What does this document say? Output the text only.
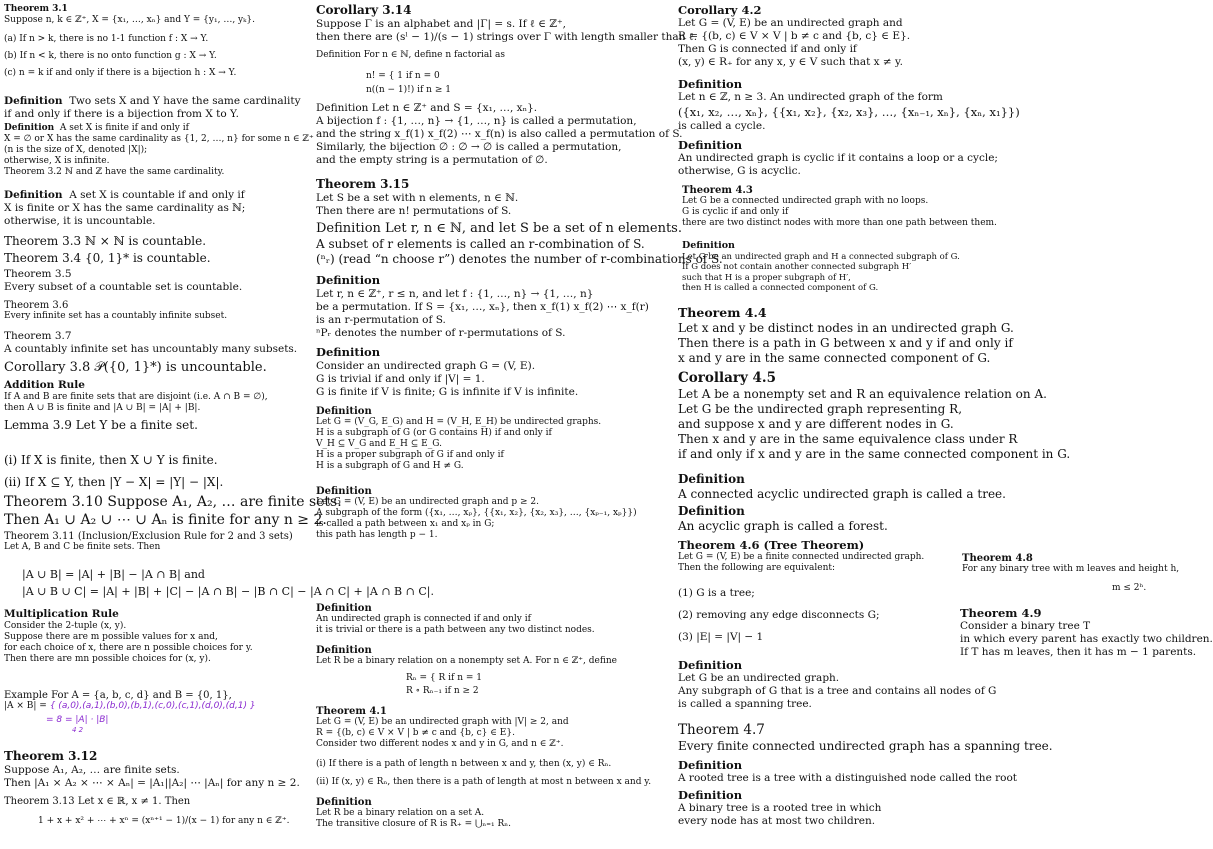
Theorem 3.1
Suppose n, k ∈ ℤ⁺, X = {x₁, …, xₙ} and Y = {y₁, …, yₖ}.
(a) If n > k, there is no 1-1 function f : X → Y.
(b) If n < k, there is no onto function g : X → Y.
(c) n = k if and only if there is a bijection h : X → Y.
Definition Two sets X and Y have the same cardinality
if and only if there is a bijection from X to Y.
Definition A set X is finite if and only if
X = ∅ or X has the same cardinality as {1, 2, …, n} for some n ∈ ℤ⁺
(n is the size of X, denoted |X|);
otherwise, X is infinite.
Theorem 3.2 ℕ and ℤ have the same cardinality.
Definition A set X is countable if and only if
X is finite or X has the same cardinality as ℕ;
otherwise, it is uncountable.
Theorem 3.3 ℕ × ℕ is countable.
Theorem 3.4 {0, 1}* is countable.
Theorem 3.5
Every subset of a countable set is countable.
Theorem 3.6
Every infinite set has a countably infinite subset.
Theorem 3.7
A countably infinite set has uncountably many subsets.
Corollary 3.8 𝒫({0, 1}*) is uncountable.
Addition Rule
If A and B are finite sets that are disjoint (i.e. A ∩ B = ∅),
then A ∪ B is finite and |A ∪ B| = |A| + |B|.
Lemma 3.9 Let Y be a finite set.
(i) If X is finite, then X ∪ Y is finite.
(ii) If X ⊆ Y, then |Y − X| = |Y| − |X|.
Theorem 3.10 Suppose A₁, A₂, … are finite sets.
Then A₁ ∪ A₂ ∪ ⋯ ∪ Aₙ is finite for any n ≥ 2.
Theorem 3.11 (Inclusion/Exclusion Rule for 2 and 3 sets)
Let A, B and C be finite sets. Then
|A ∪ B| = |A| + |B| − |A ∩ B| and
|A ∪ B ∪ C| = |A| + |B| + |C| − |A ∩ B| − |B ∩ C| − |A ∩ C| + |A ∩ B ∩ C|.
Multiplication Rule
Consider the 2-tuple (x, y).
Suppose there are m possible values for x and,
for each choice of x, there are n possible choices for y.
Then there are mn possible choices for (x, y).
Example For A = {a, b, c, d} and B = {0, 1},
|A × B| = { (a,0),(a,1),(b,0),(b,1),(c,0),(c,1),(d,0),(d,1) }
= 8 = |A| · |B|
4 2
Theorem 3.12
Suppose A₁, A₂, … are finite sets.
Then |A₁ × A₂ × ⋯ × Aₙ| = |A₁||A₂| ⋯ |Aₙ| for any n ≥ 2.
Theorem 3.13 Let x ∈ ℝ, x ≠ 1. Then
1 + x + x² + ⋯ + xⁿ = (xⁿ⁺¹ − 1)/(x − 1) for any n ∈ ℤ⁺.
Corollary 3.14
Suppose Γ is an alphabet and |Γ| = s. If ℓ ∈ ℤ⁺,
then there are (sˡ − 1)/(s − 1) strings over Γ with length smaller than ℓ.
Definition For n ∈ ℕ, define n factorial as
n! = { 1 if n = 0
n((n − 1)!) if n ≥ 1
Definition Let n ∈ ℤ⁺ and S = {x₁, …, xₙ}.
A bijection f : {1, …, n} → {1, …, n} is called a permutation,
and the string x_f(1) x_f(2) ⋯ x_f(n) is also called a permutation of S.
Similarly, the bijection ∅ : ∅ → ∅ is called a permutation,
and the empty string is a permutation of ∅.
Theorem 3.15
Let S be a set with n elements, n ∈ ℕ.
Then there are n! permutations of S.
Definition Let r, n ∈ ℕ, and let S be a set of n elements.
A subset of r elements is called an r-combination of S.
(ⁿᵣ) (read “n choose r”) denotes the number of r-combinations of S.
Definition
Let r, n ∈ ℤ⁺, r ≤ n, and let f : {1, …, n} → {1, …, n}
be a permutation. If S = {x₁, …, xₙ}, then x_f(1) x_f(2) ⋯ x_f(r)
is an r-permutation of S.
ⁿPᵣ denotes the number of r-permutations of S.
Definition
Consider an undirected graph G = (V, E).
G is trivial if and only if |V| = 1.
G is finite if V is finite; G is infinite if V is infinite.
Definition
Let G = (V_G, E_G) and H = (V_H, E_H) be undirected graphs.
H is a subgraph of G (or G contains H) if and only if
V_H ⊆ V_G and E_H ⊆ E_G.
H is a proper subgraph of G if and only if
H is a subgraph of G and H ≠ G.
Definition
Let G = (V, E) be an undirected graph and p ≥ 2.
A subgraph of the form ({x₁, …, xₚ}, {{x₁, x₂}, {x₂, x₃}, …, {xₚ₋₁, xₚ}})
is called a path between x₁ and xₚ in G;
this path has length p − 1.
Definition
An undirected graph is connected if and only if
it is trivial or there is a path between any two distinct nodes.
Definition
Let R be a binary relation on a nonempty set A. For n ∈ ℤ⁺, define
Rₙ = { R if n = 1
R ∘ Rₙ₋₁ if n ≥ 2
Theorem 4.1
Let G = (V, E) be an undirected graph with |V| ≥ 2, and
R = {(b, c) ∈ V × V | b ≠ c and {b, c} ∈ E}.
Consider two different nodes x and y in G, and n ∈ ℤ⁺.
(i) If there is a path of length n between x and y, then (x, y) ∈ Rₙ.
(ii) If (x, y) ∈ Rₙ, then there is a path of length at most n between x and y.
Definition
Let R be a binary relation on a set A.
The transitive closure of R is R₊ = ⋃ₙ₌₁ Rₙ.
Corollary 4.2
Let G = (V, E) be an undirected graph and
R = {(b, c) ∈ V × V | b ≠ c and {b, c} ∈ E}.
Then G is connected if and only if
(x, y) ∈ R₊ for any x, y ∈ V such that x ≠ y.
Definition
Let n ∈ ℤ, n ≥ 3. An undirected graph of the form
({x₁, x₂, …, xₙ}, {{x₁, x₂}, {x₂, x₃}, …, {xₙ₋₁, xₙ}, {xₙ, x₁}})
is called a cycle.
Definition
An undirected graph is cyclic if it contains a loop or a cycle;
otherwise, G is acyclic.
Theorem 4.3
Let G be a connected undirected graph with no loops.
G is cyclic if and only if
there are two distinct nodes with more than one path between them.
Definition
Let G be an undirected graph and H a connected subgraph of G.
If G does not contain another connected subgraph H′
such that H is a proper subgraph of H′,
then H is called a connected component of G.
Theorem 4.4
Let x and y be distinct nodes in an undirected graph G.
Then there is a path in G between x and y if and only if
x and y are in the same connected component of G.
Corollary 4.5
Let A be a nonempty set and R an equivalence relation on A.
Let G be the undirected graph representing R,
and suppose x and y are different nodes in G.
Then x and y are in the same equivalence class under R
if and only if x and y are in the same connected component in G.
Definition
A connected acyclic undirected graph is called a tree.
Definition
An acyclic graph is called a forest.
Theorem 4.6 (Tree Theorem)
Let G = (V, E) be a finite connected undirected graph.
Then the following are equivalent:
(1) G is a tree;
(2) removing any edge disconnects G;
(3) |E| = |V| − 1
Theorem 4.8
For any binary tree with m leaves and height h,
m ≤ 2ʰ.
Theorem 4.9
Consider a binary tree T
in which every parent has exactly two children.
If T has m leaves, then it has m − 1 parents.
Definition
Let G be an undirected graph.
Any subgraph of G that is a tree and contains all nodes of G
is called a spanning tree.
Theorem 4.7
Every finite connected undirected graph has a spanning tree.
Definition
A rooted tree is a tree with a distinguished node called the root
Definition
A binary tree is a rooted tree in which
every node has at most two children.
